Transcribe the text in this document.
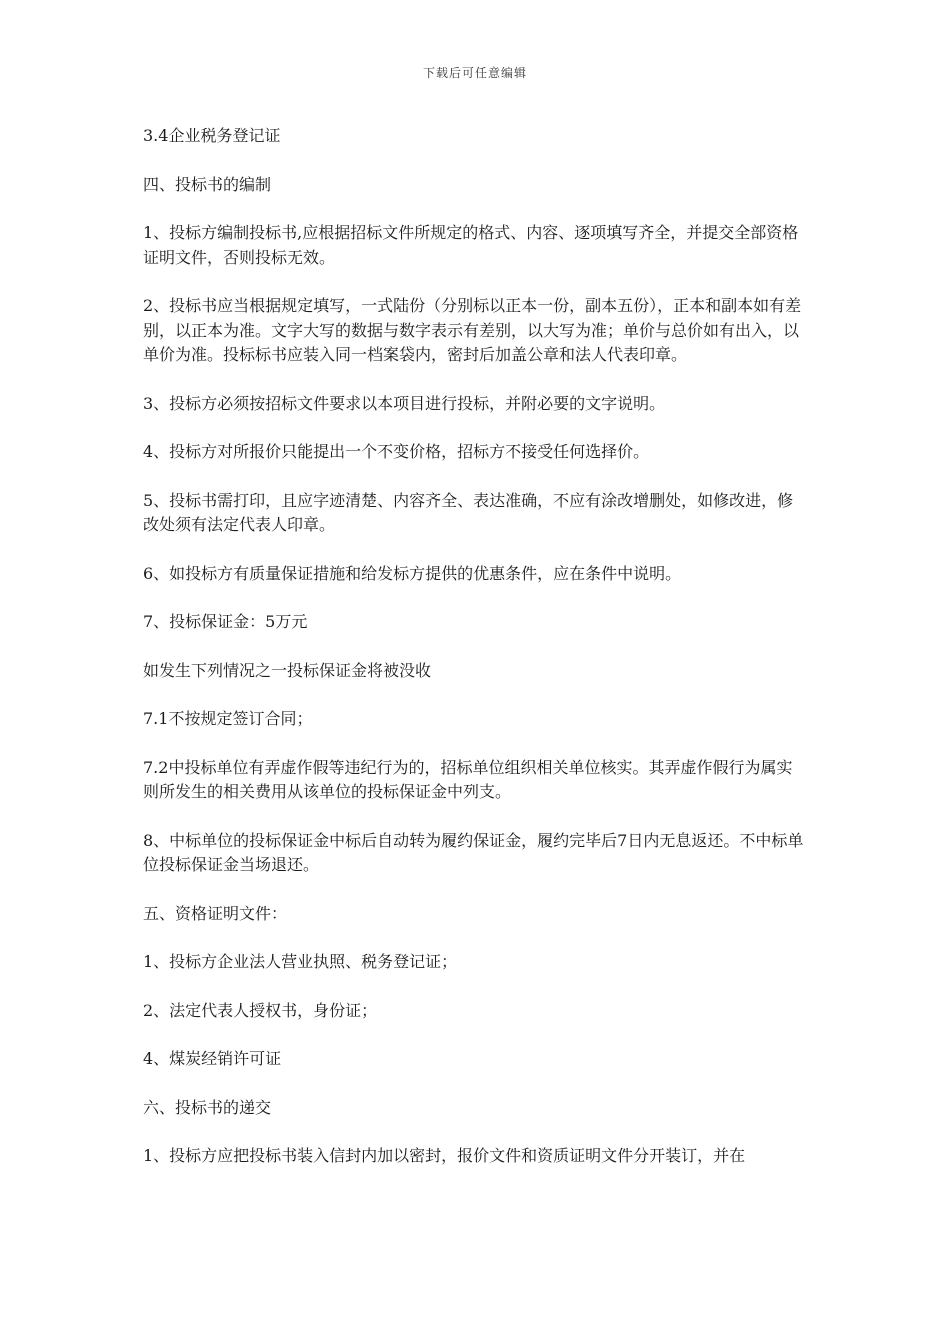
下载后可任意编辑

3.4企业税务登记证

四、投标书的编制

1、投标方编制投标书,应根据招标文件所规定的格式、内容、逐项填写齐全，并提交全部资格证明文件，否则投标无效。

2、投标书应当根据规定填写，一式陆份（分别标以正本一份，副本五份），正本和副本如有差别，以正本为准。文字大写的数据与数字表示有差别，以大写为准；单价与总价如有出入，以单价为准。投标标书应装入同一档案袋内，密封后加盖公章和法人代表印章。

3、投标方必须按招标文件要求以本项目进行投标，并附必要的文字说明。

4、投标方对所报价只能提出一个不变价格，招标方不接受任何选择价。

5、投标书需打印，且应字迹清楚、内容齐全、表达准确，不应有涂改增删处，如修改进，修改处须有法定代表人印章。

6、如投标方有质量保证措施和给发标方提供的优惠条件，应在条件中说明。

7、投标保证金：5万元

如发生下列情况之一投标保证金将被没收

7.1不按规定签订合同；

7.2中投标单位有弄虚作假等违纪行为的，招标单位组织相关单位核实。其弄虚作假行为属实则所发生的相关费用从该单位的投标保证金中列支。

8、中标单位的投标保证金中标后自动转为履约保证金，履约完毕后7日内无息返还。不中标单位投标保证金当场退还。

五、资格证明文件：

1、投标方企业法人营业执照、税务登记证；

2、法定代表人授权书，身份证；

4、煤炭经销许可证

六、投标书的递交

1、投标方应把投标书装入信封内加以密封，报价文件和资质证明文件分开装订，并在
